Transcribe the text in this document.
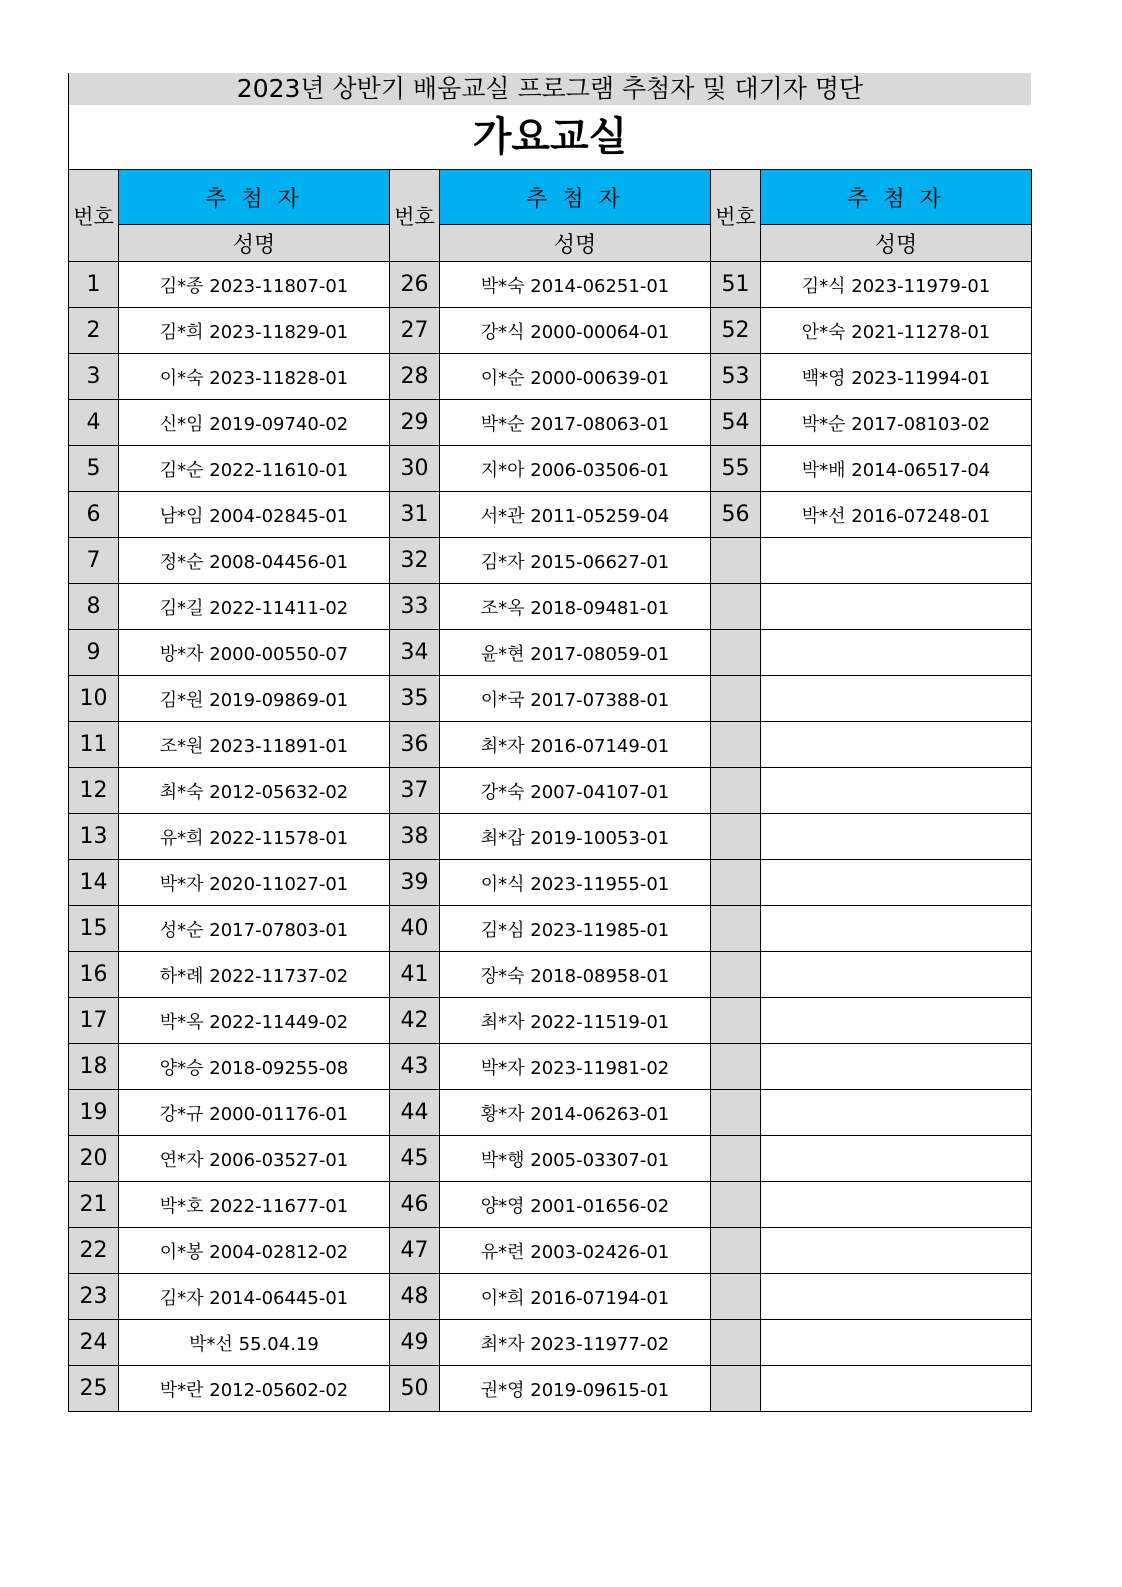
2023년 상반기 배움교실 프로그램 추첨자 및 대기자 명단
가요교실
번호	추 첨 자	번호	추 첨 자	번호	추 첨 자
	성명		성명		성명
1	김*종 2023-11807-01	26	박*숙 2014-06251-01	51	김*식 2023-11979-01
2	김*희 2023-11829-01	27	강*식 2000-00064-01	52	안*숙 2021-11278-01
3	이*숙 2023-11828-01	28	이*순 2000-00639-01	53	백*영 2023-11994-01
4	신*임 2019-09740-02	29	박*순 2017-08063-01	54	박*순 2017-08103-02
5	김*순 2022-11610-01	30	지*아 2006-03506-01	55	박*배 2014-06517-04
6	남*임 2004-02845-01	31	서*관 2011-05259-04	56	박*선 2016-07248-01
7	정*순 2008-04456-01	32	김*자 2015-06627-01		
8	김*길 2022-11411-02	33	조*옥 2018-09481-01		
9	방*자 2000-00550-07	34	윤*현 2017-08059-01		
10	김*원 2019-09869-01	35	이*국 2017-07388-01		
11	조*원 2023-11891-01	36	최*자 2016-07149-01		
12	최*숙 2012-05632-02	37	강*숙 2007-04107-01		
13	유*희 2022-11578-01	38	최*갑 2019-10053-01		
14	박*자 2020-11027-01	39	이*식 2023-11955-01		
15	성*순 2017-07803-01	40	김*심 2023-11985-01		
16	하*례 2022-11737-02	41	장*숙 2018-08958-01		
17	박*옥 2022-11449-02	42	최*자 2022-11519-01		
18	양*승 2018-09255-08	43	박*자 2023-11981-02		
19	강*규 2000-01176-01	44	황*자 2014-06263-01		
20	연*자 2006-03527-01	45	박*행 2005-03307-01		
21	박*호 2022-11677-01	46	양*영 2001-01656-02		
22	이*봉 2004-02812-02	47	유*련 2003-02426-01		
23	김*자 2014-06445-01	48	이*희 2016-07194-01		
24	박*선 55.04.19	49	최*자 2023-11977-02		
25	박*란 2012-05602-02	50	권*영 2019-09615-01		
